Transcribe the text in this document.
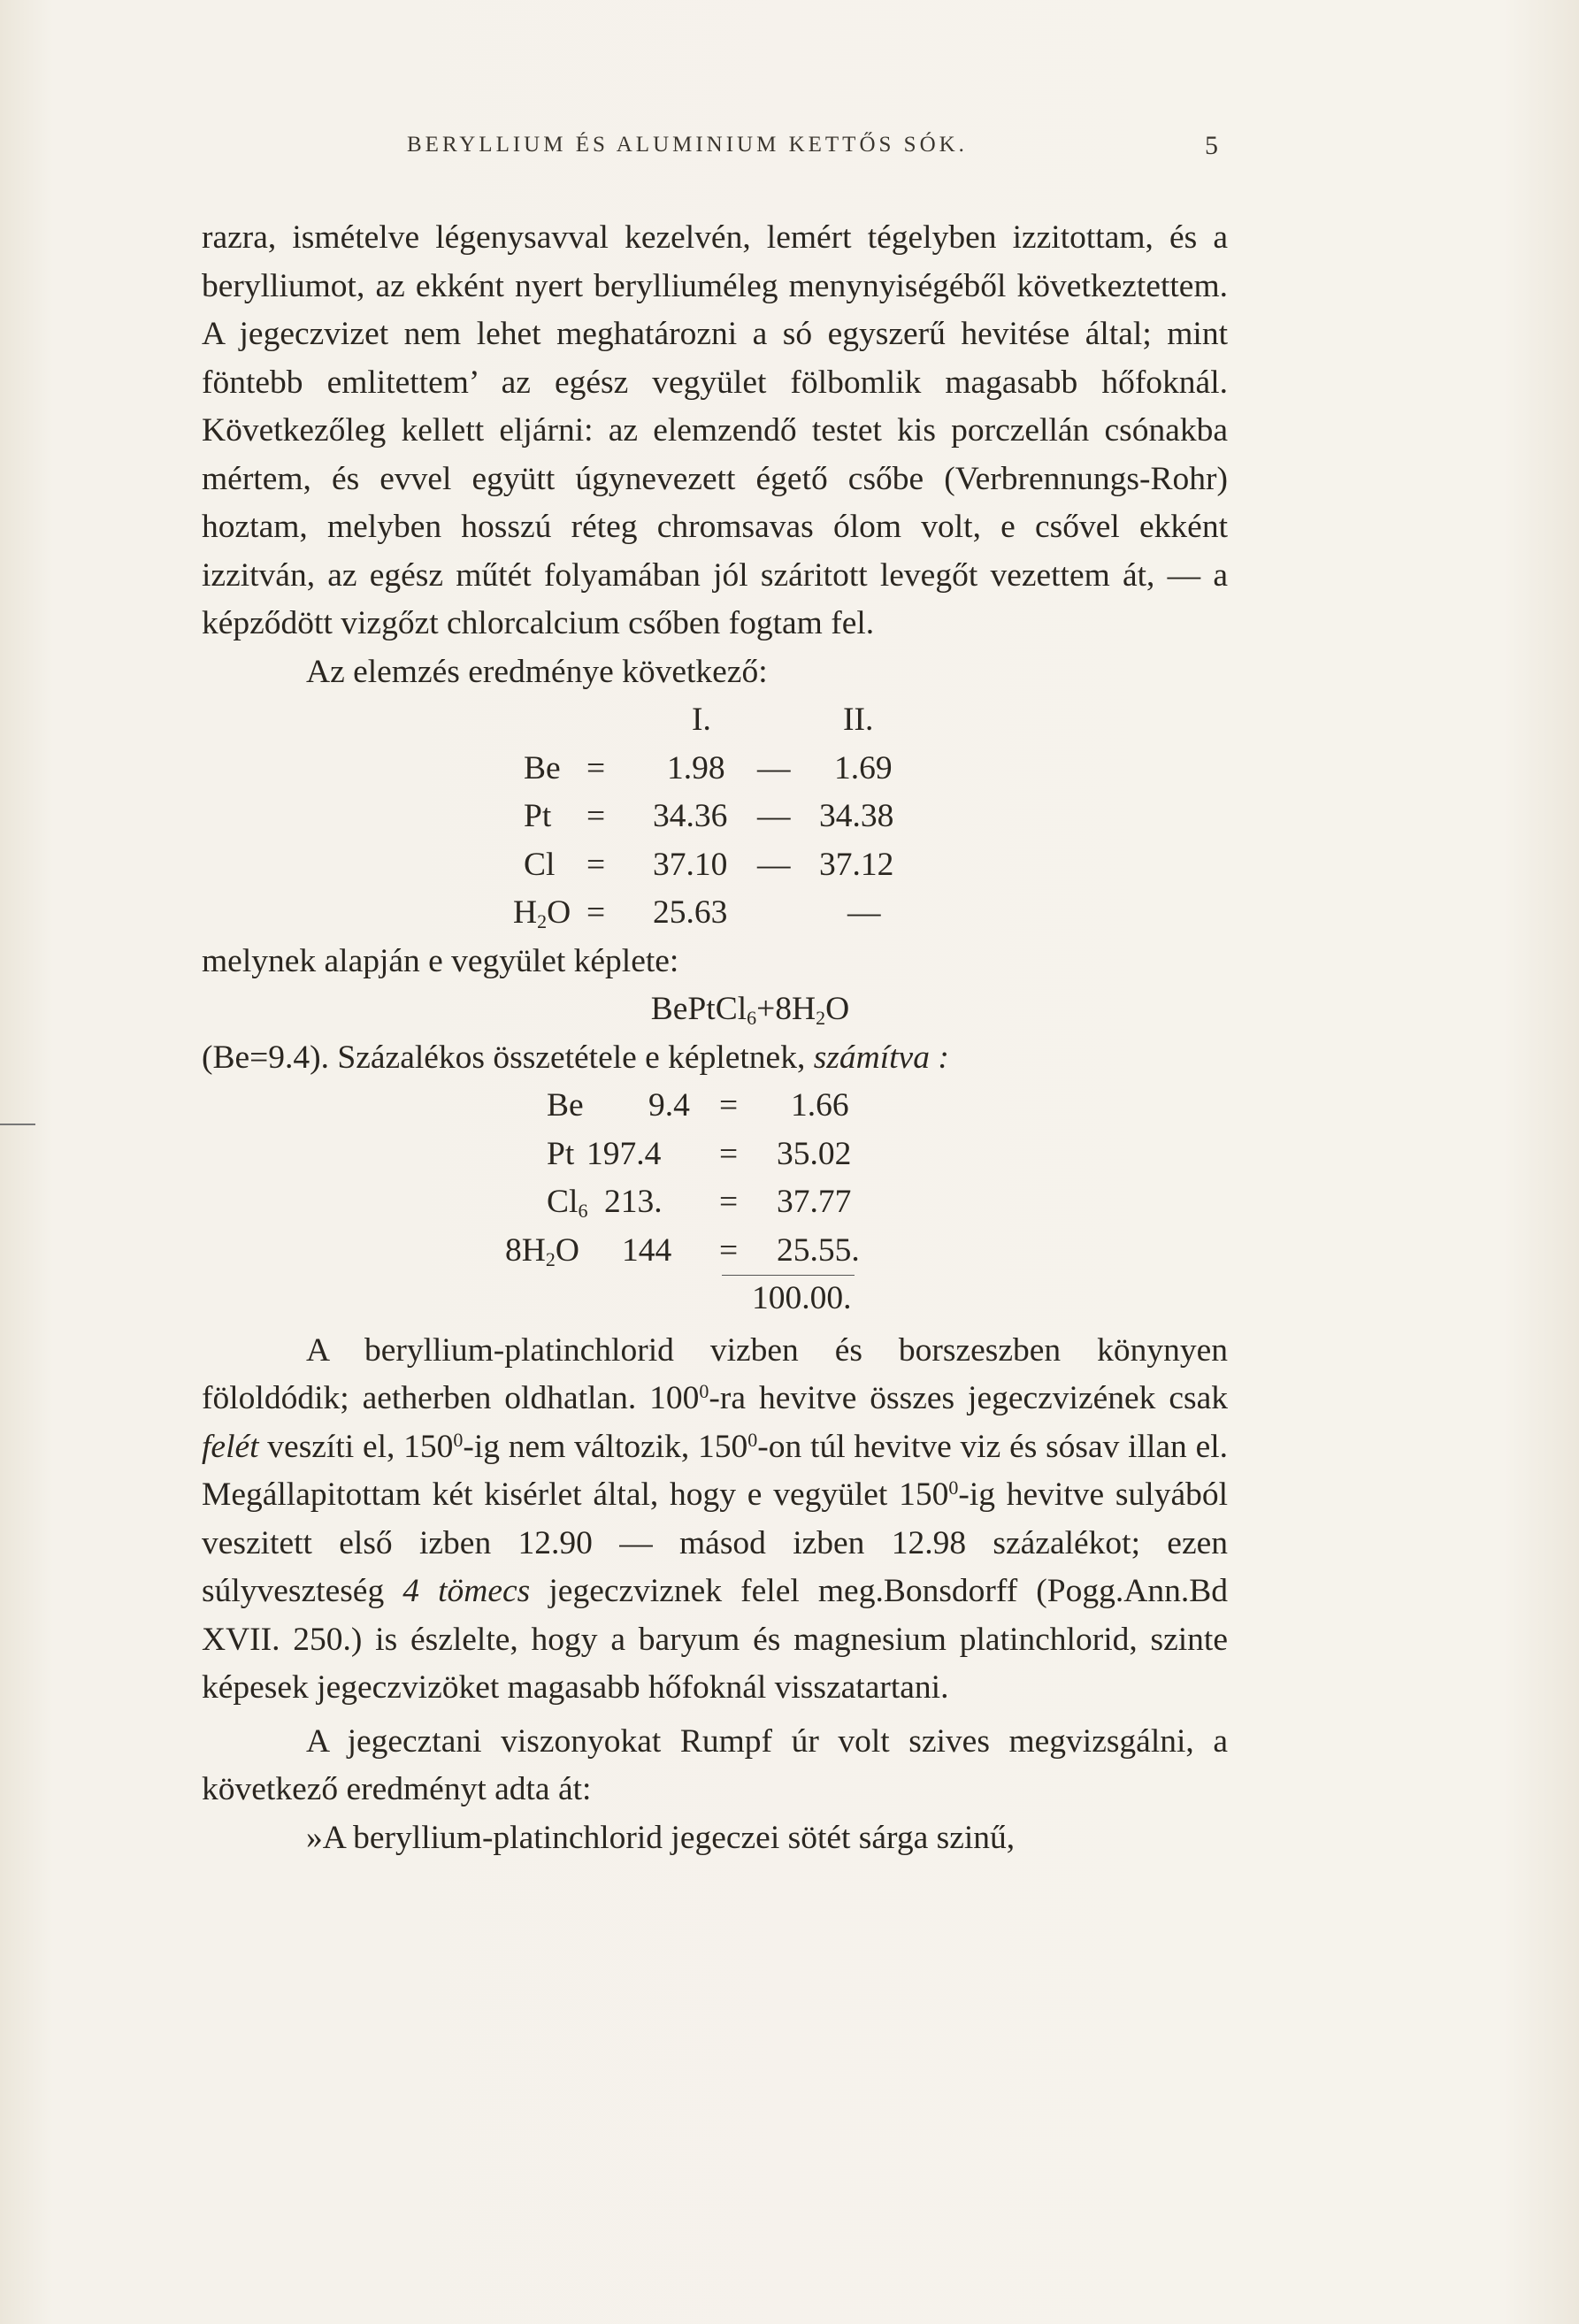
BERYLLIUM ÉS ALUMINIUM KETTŐS SÓK.	5

razra, ismételve légenysavval kezelvén, lemért tégelyben izzitottam, és a berylliumot, az ekként nyert berylliuméleg menynyiségéből következtettem. A jegeczvizet nem lehet meghatározni a só egyszerű hevitése által; mint föntebb emlitettem’ az egész vegyület fölbomlik magasabb hőfoknál. Következőleg kellett eljárni: az elemzendő testet kis porczellán csónakba mértem, és evvel együtt úgynevezett égető csőbe (Verbrennungs-Rohr) hoztam, melyben hosszú réteg chromsavas ólom volt, e csővel ekként izzitván, az egész műtét folyamában jól száritott levegőt vezettem át, — a képződött vizgőzt chlorcalcium csőben fogtam fel.

Az elemzés eredménye következő:

I.	II.
Be = 1.98 — 1.69
Pt = 34.36 — 34.38
Cl = 37.10 — 37.12
$H_2O = 25.63$	—

melynek alapján e vegyület képlete:

$BePtCl_6+8H_2O$

(Be=9.4). Százalékos összetétele e képletnek, számítva :

Be 9.4 = 1.66
Pt 197.4 = 35.02
$Cl_6$ 213. = 37.77
$8H_2O$ 144 = 25.55.
100.00.

A beryllium-platinchlorid vizben és borszeszben könynyen föloldódik; aetherben oldhatlan. $100^0-ra$ hevitve összes jegeczvizének csak felét veszíti el, $150^0-ig$ nem változik, $150^0-on$ túl hevitve viz és sósav illan el. Megállapitottam két kisérlet által, hogy e vegyület $150^0-ig$ hevitve sulyából veszitett első izben 12.90 — másod izben 12.98 százalékot; ezen súlyveszteség 4 tömecs jegeczviznek felel meg.Bonsdorff (Pogg.Ann.Bd XVII. 250.) is észlelte, hogy a baryum és magnesium platinchlorid, szinte képesek jegeczvizöket magasabb hőfoknál visszatartani.

A jegecztani viszonyokat Rumpf úr volt szives megvizsgálni, a következő eredményt adta át:

»A beryllium-platinchlorid jegeczei sötét sárga szinű,
